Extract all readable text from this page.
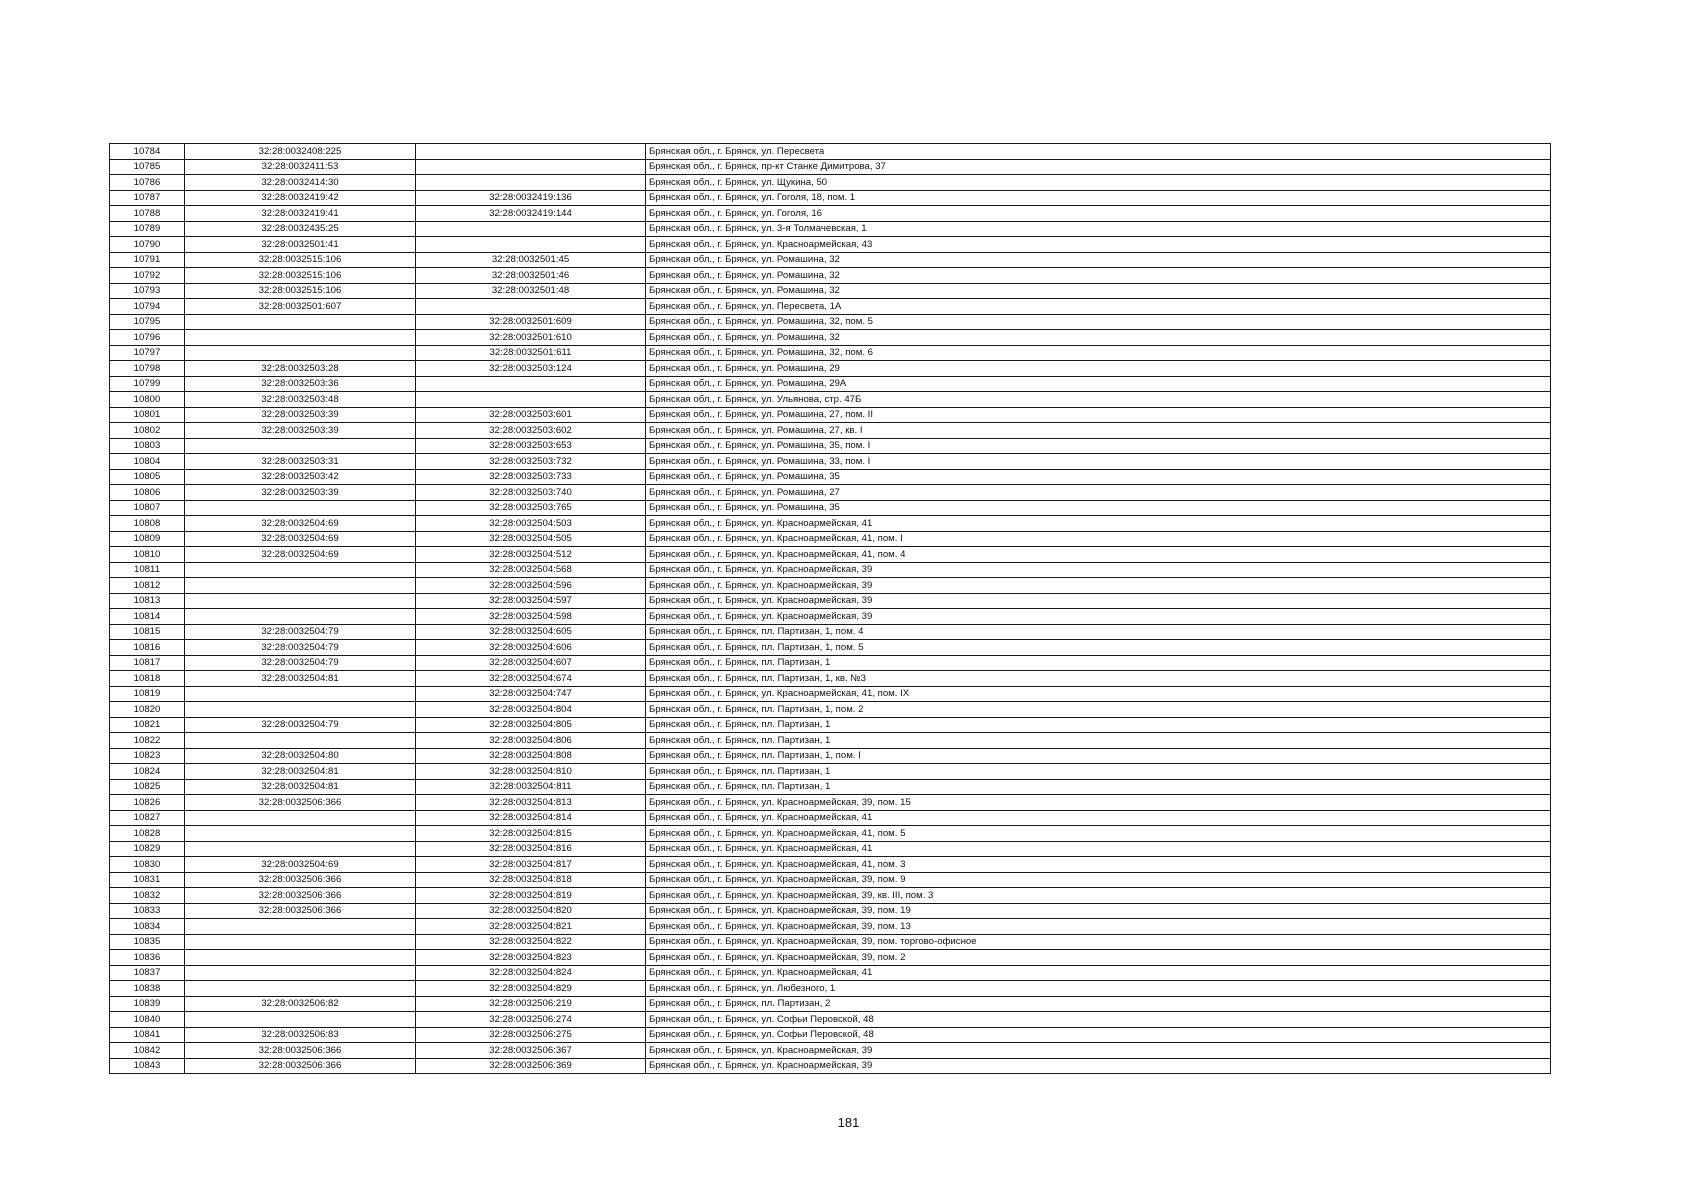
10784	32:28:0032408:225		Брянская обл., г. Брянск, ул. Пересвета
10785	32:28:0032411:53		Брянская обл., г. Брянск, пр-кт Станке Димитрова, 37
10786	32:28:0032414:30		Брянская обл., г. Брянск, ул. Щукина, 50
10787	32:28:0032419:42	32:28:0032419:136	Брянская обл., г. Брянск, ул. Гоголя, 18, пом. 1
10788	32:28:0032419:41	32:28:0032419:144	Брянская обл., г. Брянск, ул. Гоголя, 16
10789	32:28:0032435:25		Брянская обл., г. Брянск, ул. 3-я Толмачевская, 1
10790	32:28:0032501:41		Брянская обл., г. Брянск, ул. Красноармейская, 43
10791	32:28:0032515:106	32:28:0032501:45	Брянская обл., г. Брянск, ул. Ромашина, 32
10792	32:28:0032515:106	32:28:0032501:46	Брянская обл., г. Брянск, ул. Ромашина, 32
10793	32:28:0032515:106	32:28:0032501:48	Брянская обл., г. Брянск, ул. Ромашина, 32
10794	32:28:0032501:607		Брянская обл., г. Брянск, ул. Пересвета, 1А
10795		32:28:0032501:609	Брянская обл., г. Брянск, ул. Ромашина, 32, пом. 5
10796		32:28:0032501:610	Брянская обл., г. Брянск, ул. Ромашина, 32
10797		32:28:0032501:611	Брянская обл., г. Брянск, ул. Ромашина, 32, пом. 6
10798	32:28:0032503:28	32:28:0032503:124	Брянская обл., г. Брянск, ул. Ромашина, 29
10799	32:28:0032503:36		Брянская обл., г. Брянск, ул. Ромашина, 29А
10800	32:28:0032503:48		Брянская обл., г. Брянск, ул. Ульянова, стр. 47Б
10801	32:28:0032503:39	32:28:0032503:601	Брянская обл., г. Брянск, ул. Ромашина, 27, пом. II
10802	32:28:0032503:39	32:28:0032503:602	Брянская обл., г. Брянск, ул. Ромашина, 27, кв. I
10803		32:28:0032503:653	Брянская обл., г. Брянск, ул. Ромашина, 35, пом. I
10804	32:28:0032503:31	32:28:0032503:732	Брянская обл., г. Брянск, ул. Ромашина, 33, пом. I
10805	32:28:0032503:42	32:28:0032503:733	Брянская обл., г. Брянск, ул. Ромашина, 35
10806	32:28:0032503:39	32:28:0032503:740	Брянская обл., г. Брянск, ул. Ромашина, 27
10807		32:28:0032503:765	Брянская обл., г. Брянск, ул. Ромашина, 35
10808	32:28:0032504:69	32:28:0032504:503	Брянская обл., г. Брянск, ул. Красноармейская, 41
10809	32:28:0032504:69	32:28:0032504:505	Брянская обл., г. Брянск, ул. Красноармейская, 41, пом. I
10810	32:28:0032504:69	32:28:0032504:512	Брянская обл., г. Брянск, ул. Красноармейская, 41, пом. 4
10811		32:28:0032504:568	Брянская обл., г. Брянск, ул. Красноармейская, 39
10812		32:28:0032504:596	Брянская обл., г. Брянск, ул. Красноармейская, 39
10813		32:28:0032504:597	Брянская обл., г. Брянск, ул. Красноармейская, 39
10814		32:28:0032504:598	Брянская обл., г. Брянск, ул. Красноармейская, 39
10815	32:28:0032504:79	32:28:0032504:605	Брянская обл., г. Брянск, пл. Партизан, 1, пом. 4
10816	32:28:0032504:79	32:28:0032504:606	Брянская обл., г. Брянск, пл. Партизан, 1, пом. 5
10817	32:28:0032504:79	32:28:0032504:607	Брянская обл., г. Брянск, пл. Партизан, 1
10818	32:28:0032504:81	32:28:0032504:674	Брянская обл., г. Брянск, пл. Партизан, 1, кв. №3
10819		32:28:0032504:747	Брянская обл., г. Брянск, ул. Красноармейская, 41, пом. IX
10820		32:28:0032504:804	Брянская обл., г. Брянск, пл. Партизан, 1, пом. 2
10821	32:28:0032504:79	32:28:0032504:805	Брянская обл., г. Брянск, пл. Партизан, 1
10822		32:28:0032504:806	Брянская обл., г. Брянск, пл. Партизан, 1
10823	32:28:0032504:80	32:28:0032504:808	Брянская обл., г. Брянск, пл. Партизан, 1, пом. I
10824	32:28:0032504:81	32:28:0032504:810	Брянская обл., г. Брянск, пл. Партизан, 1
10825	32:28:0032504:81	32:28:0032504:811	Брянская обл., г. Брянск, пл. Партизан, 1
10826	32:28:0032506:366	32:28:0032504:813	Брянская обл., г. Брянск, ул. Красноармейская, 39, пом. 15
10827		32:28:0032504:814	Брянская обл., г. Брянск, ул. Красноармейская, 41
10828		32:28:0032504:815	Брянская обл., г. Брянск, ул. Красноармейская, 41, пом. 5
10829		32:28:0032504:816	Брянская обл., г. Брянск, ул. Красноармейская, 41
10830	32:28:0032504:69	32:28:0032504:817	Брянская обл., г. Брянск, ул. Красноармейская, 41, пом. 3
10831	32:28:0032506:366	32:28:0032504:818	Брянская обл., г. Брянск, ул. Красноармейская, 39, пом. 9
10832	32:28:0032506:366	32:28:0032504:819	Брянская обл., г. Брянск, ул. Красноармейская, 39, кв. III, пом. 3
10833	32:28:0032506:366	32:28:0032504:820	Брянская обл., г. Брянск, ул. Красноармейская, 39, пом. 19
10834		32:28:0032504:821	Брянская обл., г. Брянск, ул. Красноармейская, 39, пом. 13
10835		32:28:0032504:822	Брянская обл., г. Брянск, ул. Красноармейская, 39, пом. торгово-офисное
10836		32:28:0032504:823	Брянская обл., г. Брянск, ул. Красноармейская, 39, пом. 2
10837		32:28:0032504:824	Брянская обл., г. Брянск, ул. Красноармейская, 41
10838		32:28:0032504:829	Брянская обл., г. Брянск, ул. Любезного, 1
10839	32:28:0032506:82	32:28:0032506:219	Брянская обл., г. Брянск, пл. Партизан, 2
10840		32:28:0032506:274	Брянская обл., г. Брянск, ул. Софьи Перовской, 48
10841	32:28:0032506:83	32:28:0032506:275	Брянская обл., г. Брянск, ул. Софьи Перовской, 48
10842	32:28:0032506:366	32:28:0032506:367	Брянская обл., г. Брянск, ул. Красноармейская, 39
10843	32:28:0032506:366	32:28:0032506:369	Брянская обл., г. Брянск, ул. Красноармейская, 39
181
